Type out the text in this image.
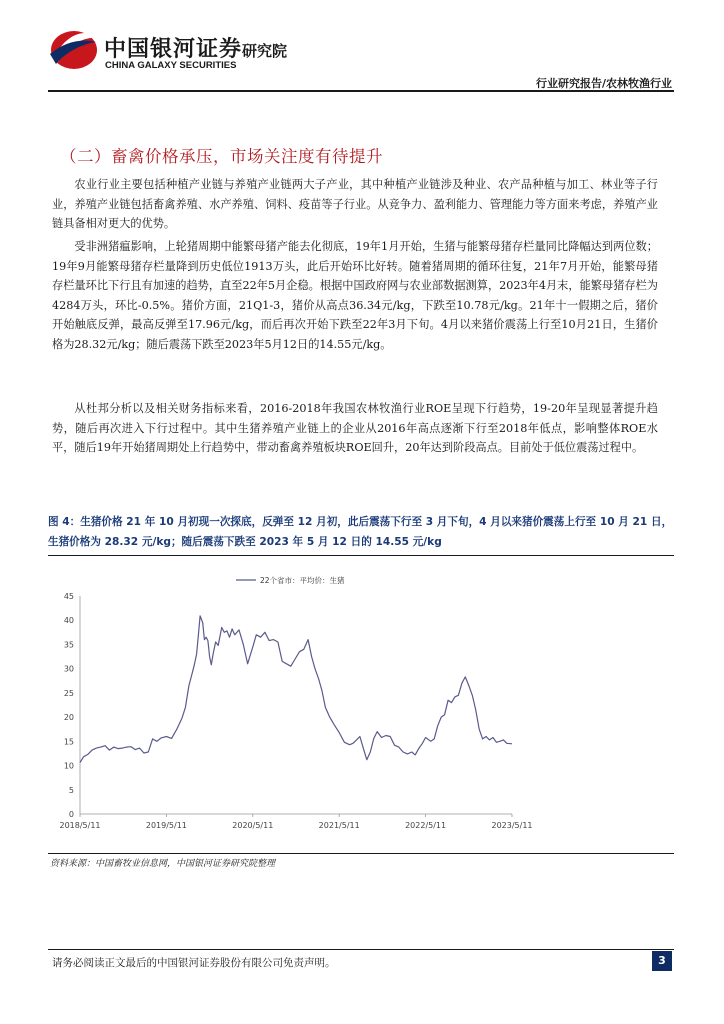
中国银河证券
CHINA GALAXY SECURITIES
研究院
行业研究报告/农林牧渔行业
（二）畜禽价格承压，市场关注度有待提升

农业行业主要包括种植产业链与养殖产业链两大子产业，其中种植产业链涉及种业、农产品种植与加工、林业等子行业，养殖产业链包括畜禽养殖、水产养殖、饲料、疫苗等子行业。从竞争力、盈利能力、管理能力等方面来考虑，养殖产业链具备相对更大的优势。

受非洲猪瘟影响，上轮猪周期中能繁母猪产能去化彻底，19年1月开始，生猪与能繁母猪存栏量同比降幅达到两位数；19年9月能繁母猪存栏量降到历史低位1913万头，此后开始环比好转。随着猪周期的循环往复，21年7月开始，能繁母猪存栏量环比下行且有加速的趋势，直至22年5月企稳。根据中国政府网与农业部数据测算，2023年4月末，能繁母猪存栏为4284万头，环比-0.5%。猪价方面，21Q1-3，猪价从高点36.34元/kg，下跌至10.78元/kg。21年十一假期之后，猪价开始触底反弹，最高反弹至17.96元/kg，而后再次开始下跌至22年3月下旬。4月以来猪价震荡上行至10月21日，生猪价格为28.32元/kg；随后震荡下跌至2023年5月12日的14.55元/kg。

从杜邦分析以及相关财务指标来看，2016-2018年我国农林牧渔行业ROE呈现下行趋势，19-20年呈现显著提升趋势，随后再次进入下行过程中。其中生猪养殖产业链上的企业从2016年高点逐渐下行至2018年低点，影响整体ROE水平，随后19年开始猪周期处上行趋势中，带动畜禽养殖板块ROE回升，20年达到阶段高点。目前处于低位震荡过程中。

图 4：生猪价格 21 年 10 月初现一次探底，反弹至 12 月初，此后震荡下行至 3 月下旬，4 月以来猪价震荡上行至 10 月 21 日，生猪价格为 28.32 元/kg；随后震荡下跌至 2023 年 5 月 12 日的 14.55 元/kg

22个省市：平均价：生猪
0
5
10
15
20
25
30
35
40
45
2018/5/11	2019/5/11	2020/5/11	2021/5/11	2022/5/11	2023/5/11
资料来源：中国畜牧业信息网，中国银河证券研究院整理
请务必阅读正文最后的中国银河证券股份有限公司免责声明。	3
